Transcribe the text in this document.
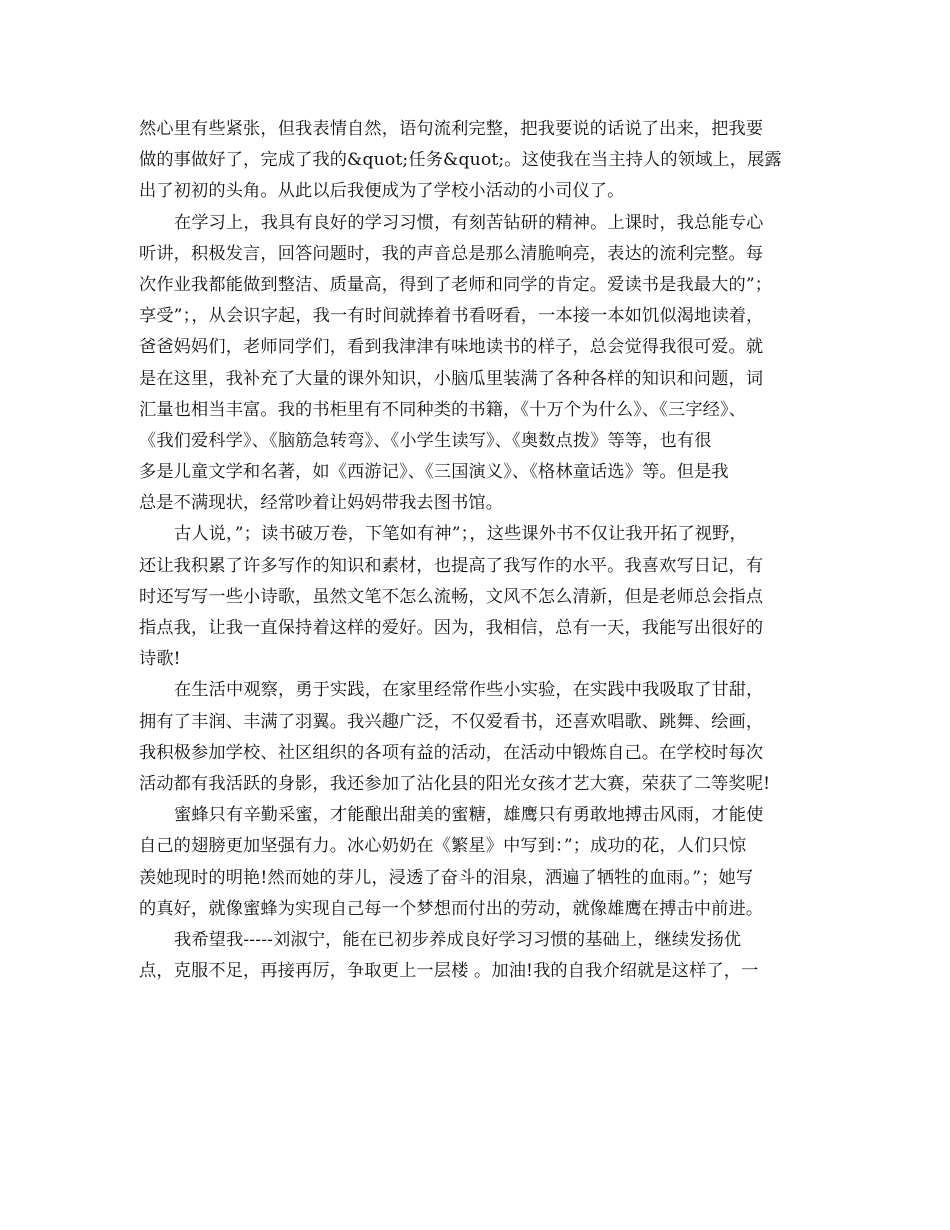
然心里有些紧张，但我表情自然，语句流利完整，把我要说的话说了出来，把我要
做的事做好了，完成了我的&quot;任务&quot;。这使我在当主持人的领域上，展露
出了初初的头角。从此以后我便成为了学校小活动的小司仪了。

在学习上，我具有良好的学习习惯，有刻苦钻研的精神。上课时，我总能专心
听讲，积极发言，回答问题时，我的声音总是那么清脆响亮，表达的流利完整。每
次作业我都能做到整洁、质量高，得到了老师和同学的肯定。爱读书是我最大的”；
享受”；，从会识字起，我一有时间就捧着书看呀看，一本接一本如饥似渴地读着，
爸爸妈妈们，老师同学们，看到我津津有味地读书的样子，总会觉得我很可爱。就
是在这里，我补充了大量的课外知识，小脑瓜里装满了各种各样的知识和问题，词
汇量也相当丰富。我的书柜里有不同种类的书籍，《十万个为什么》、《三字经》、
《我们爱科学》、《脑筋急转弯》、《小学生读写》、《奥数点拨》等等，也有很
多是儿童文学和名著，如《西游记》、《三国演义》、《格林童话选》等。但是我
总是不满现状，经常吵着让妈妈带我去图书馆。

古人说，”；读书破万卷，下笔如有神”；，这些课外书不仅让我开拓了视野，
还让我积累了许多写作的知识和素材，也提高了我写作的水平。我喜欢写日记，有
时还写写一些小诗歌，虽然文笔不怎么流畅，文风不怎么清新，但是老师总会指点
指点我，让我一直保持着这样的爱好。因为，我相信，总有一天，我能写出很好的
诗歌!

在生活中观察，勇于实践，在家里经常作些小实验，在实践中我吸取了甘甜，
拥有了丰润、丰满了羽翼。我兴趣广泛，不仅爱看书，还喜欢唱歌、跳舞、绘画，
我积极参加学校、社区组织的各项有益的活动，在活动中锻炼自己。在学校时每次
活动都有我活跃的身影，我还参加了沾化县的阳光女孩才艺大赛，荣获了二等奖呢!

蜜蜂只有辛勤采蜜，才能酿出甜美的蜜糖，雄鹰只有勇敢地搏击风雨，才能使
自己的翅膀更加坚强有力。冰心奶奶在《繁星》中写到：”；成功的花，人们只惊
羡她现时的明艳!然而她的芽儿，浸透了奋斗的泪泉，洒遍了牺牲的血雨。”；她写
的真好，就像蜜蜂为实现自己每一个梦想而付出的劳动，就像雄鹰在搏击中前进。

我希望我-----刘淑宁，能在已初步养成良好学习习惯的基础上，继续发扬优
点，克服不足，再接再厉，争取更上一层楼 。加油!我的自我介绍就是这样了，一
